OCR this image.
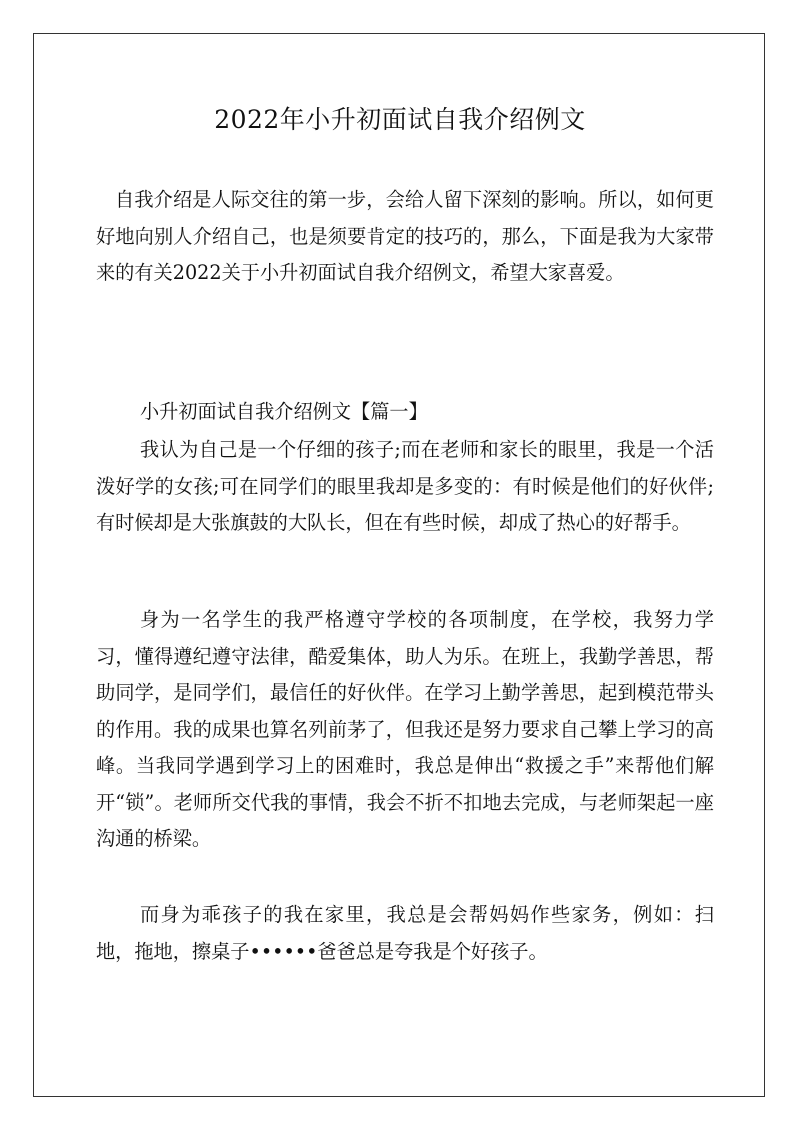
2022年小升初面试自我介绍例文

自我介绍是人际交往的第一步，会给人留下深刻的影响。所以，如何更好地向别人介绍自己，也是须要肯定的技巧的，那么，下面是我为大家带来的有关2022关于小升初面试自我介绍例文，希望大家喜爱。

小升初面试自我介绍例文【篇一】

我认为自己是一个仔细的孩子;而在老师和家长的眼里，我是一个活泼好学的女孩;可在同学们的眼里我却是多变的：有时候是他们的好伙伴;有时候却是大张旗鼓的大队长，但在有些时候，却成了热心的好帮手。

身为一名学生的我严格遵守学校的各项制度，在学校，我努力学习，懂得遵纪遵守法律，酷爱集体，助人为乐。在班上，我勤学善思，帮助同学，是同学们，最信任的好伙伴。在学习上勤学善思，起到模范带头的作用。我的成果也算名列前茅了，但我还是努力要求自己攀上学习的高峰。当我同学遇到学习上的困难时，我总是伸出“救援之手”来帮他们解开“锁”。老师所交代我的事情，我会不折不扣地去完成，与老师架起一座沟通的桥梁。

而身为乖孩子的我在家里，我总是会帮妈妈作些家务，例如：扫地，拖地，擦桌子••••••爸爸总是夸我是个好孩子。
